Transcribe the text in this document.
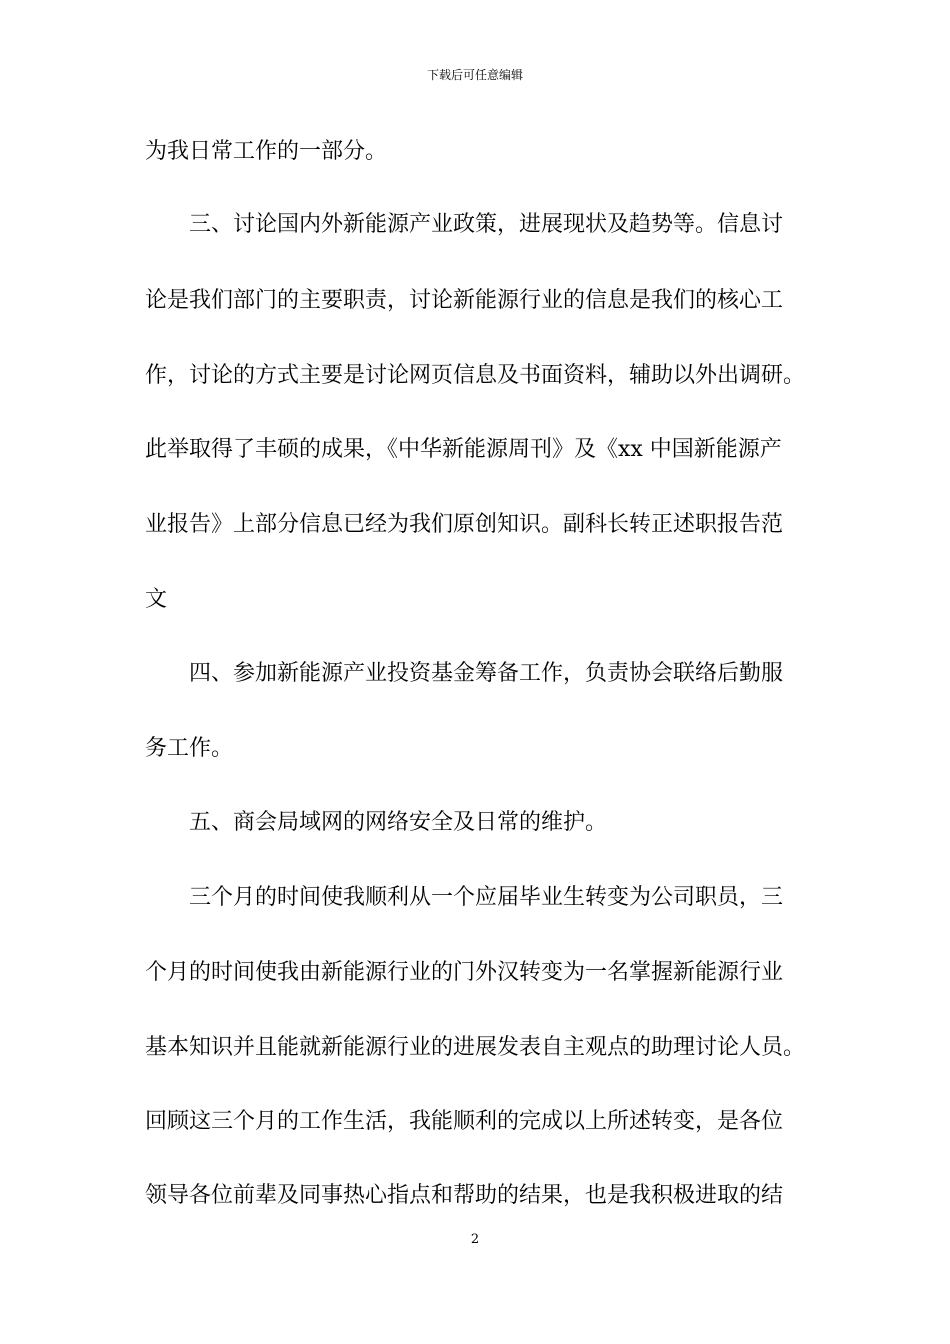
下载后可任意编辑
为我日常工作的一部分。
三、讨论国内外新能源产业政策，进展现状及趋势等。信息讨
论是我们部门的主要职责，讨论新能源行业的信息是我们的核心工
作，讨论的方式主要是讨论网页信息及书面资料，辅助以外出调研。
此举取得了丰硕的成果，《中华新能源周刊》及《xx 中国新能源产
业报告》上部分信息已经为我们原创知识。副科长转正述职报告范
文
四、参加新能源产业投资基金筹备工作，负责协会联络后勤服
务工作。
五、商会局域网的网络安全及日常的维护。
三个月的时间使我顺利从一个应届毕业生转变为公司职员，三
个月的时间使我由新能源行业的门外汉转变为一名掌握新能源行业
基本知识并且能就新能源行业的进展发表自主观点的助理讨论人员。
回顾这三个月的工作生活，我能顺利的完成以上所述转变，是各位
领导各位前辈及同事热心指点和帮助的结果，也是我积极进取的结
2
